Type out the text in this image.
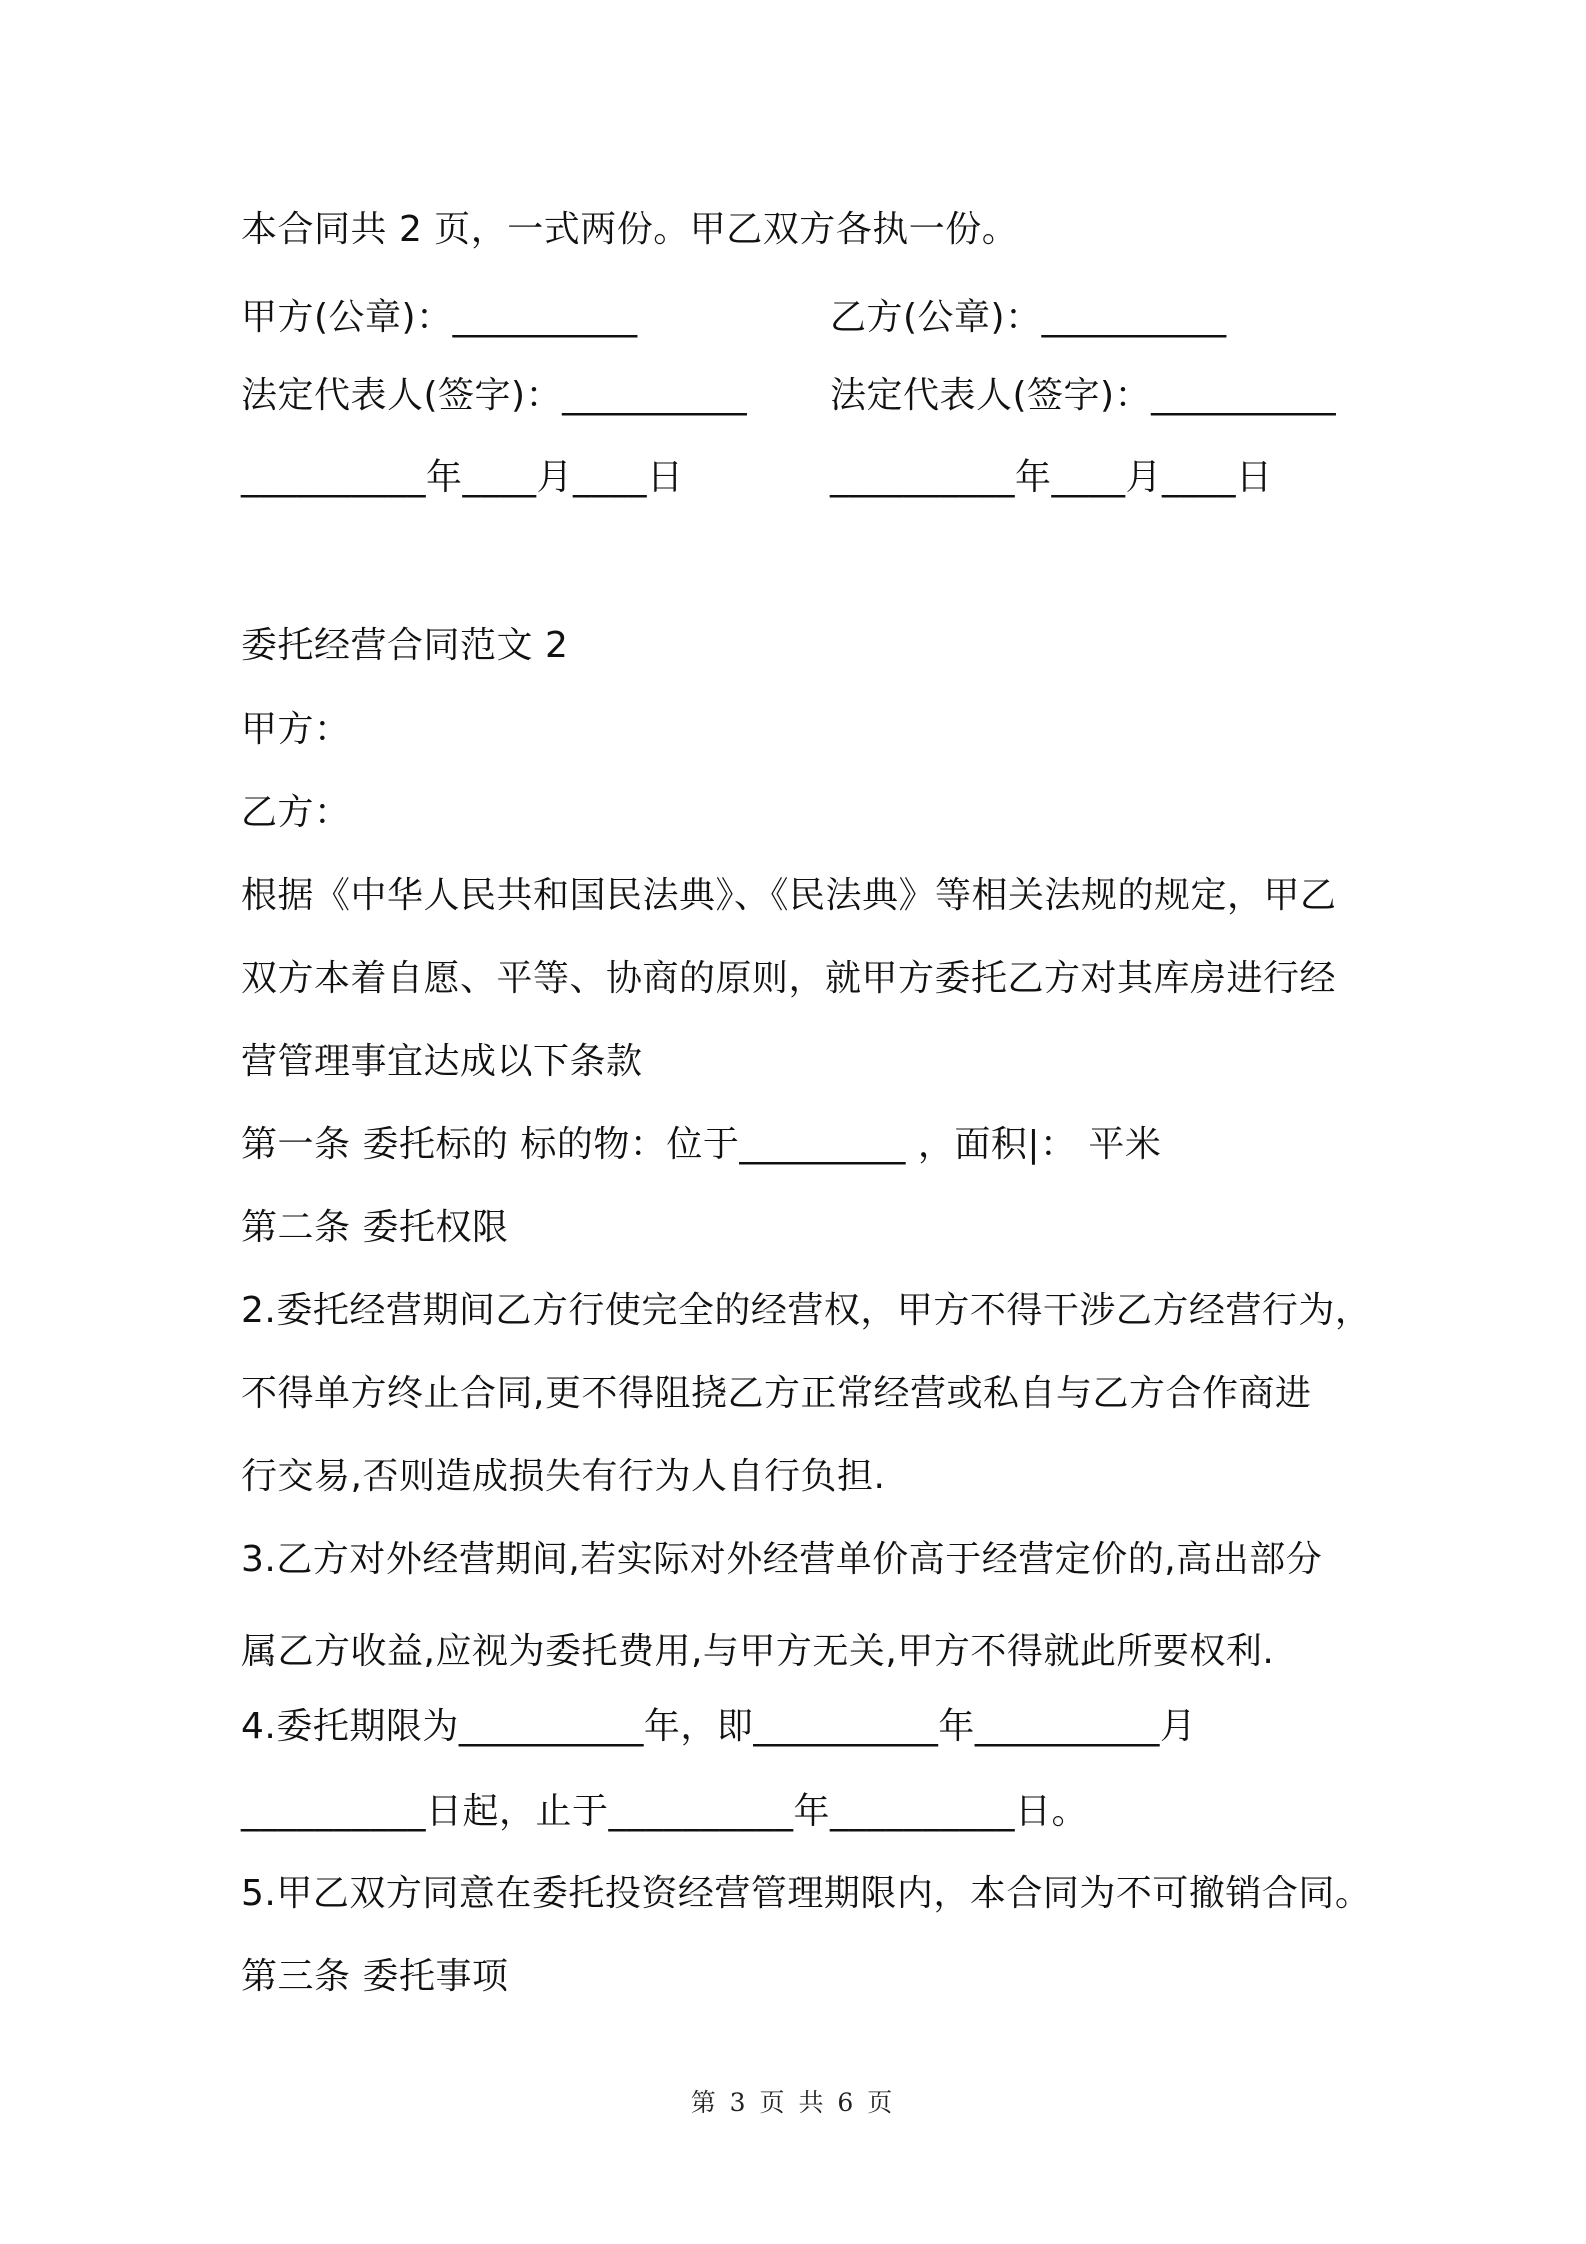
本合同共 2 页，一式两份。甲乙双方各执一份。
甲方(公章)：__________	乙方(公章)：__________
法定代表人(签字)：__________ 法定代表人(签字)：__________
__________年____月____日	__________年____月____日
委托经营合同范文 2
甲方：
乙方：
根据《中华人民共和国民法典》、《民法典》等相关法规的规定，甲乙
双方本着自愿、平等、协商的原则，就甲方委托乙方对其库房进行经
营管理事宜达成以下条款
第一条 委托标的 标的物：位于_________ ，面积|： 平米
第二条 委托权限
2.委托经营期间乙方行使完全的经营权，甲方不得干涉乙方经营行为，
不得单方终止合同,更不得阻挠乙方正常经营或私自与乙方合作商进
行交易,否则造成损失有行为人自行负担.
3.乙方对外经营期间,若实际对外经营单价高于经营定价的,高出部分
属乙方收益,应视为委托费用,与甲方无关,甲方不得就此所要权利.
4.委托期限为__________年，即__________年__________月
__________日起，止于__________年__________日。
5.甲乙双方同意在委托投资经营管理期限内，本合同为不可撤销合同。
第三条 委托事项
第 3 页 共 6 页
